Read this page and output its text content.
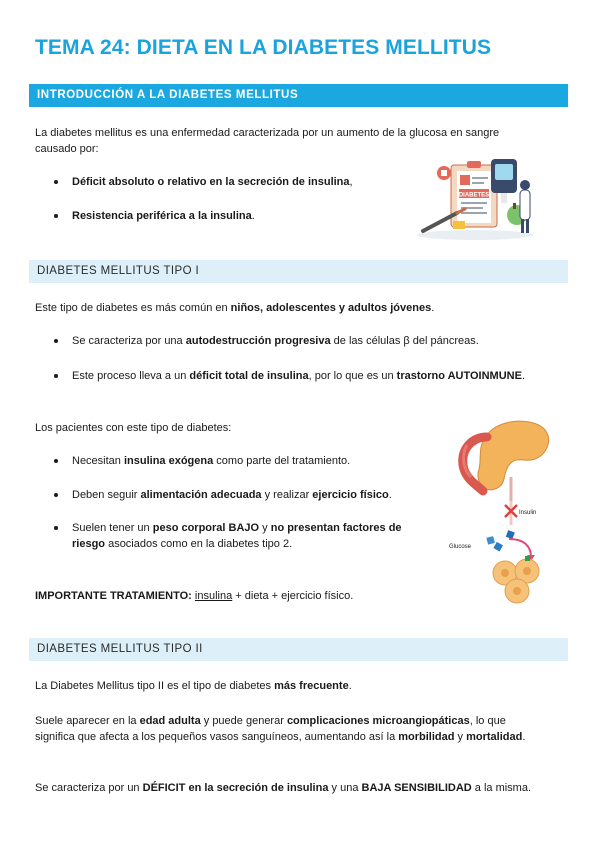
TEMA 24: DIETA EN LA DIABETES MELLITUS
INTRODUCCIÓN A LA DIABETES MELLITUS
La diabetes mellitus es una enfermedad caracterizada por un aumento de la glucosa en sangre
causado por:
Déficit absoluto o relativo en la secreción de insulina,
Resistencia periférica a la insulina.
DIABETES
DIABETES MELLITUS TIPO I
Este tipo de diabetes es más común en niños, adolescentes y adultos jóvenes.
Se caracteriza por una autodestrucción progresiva de las células β del páncreas.
Este proceso lleva a un déficit total de insulina, por lo que es un trastorno AUTOINMUNE.
Los pacientes con este tipo de diabetes:
Necesitan insulina exógena como parte del tratamiento.
Deben seguir alimentación adecuada y realizar ejercicio físico.
Suelen tener un peso corporal BAJO y no presentan factores de
riesgo asociados como en la diabetes tipo 2.
IMPORTANTE TRATAMIENTO: insulina + dieta + ejercicio físico.
Insulin
Glucose
DIABETES MELLITUS TIPO II
La Diabetes Mellitus tipo II es el tipo de diabetes más frecuente.
Suele aparecer en la edad adulta y puede generar complicaciones microangiopáticas, lo que
significa que afecta a los pequeños vasos sanguíneos, aumentando así la morbilidad y mortalidad.
Se caracteriza por un DÉFICIT en la secreción de insulina y una BAJA SENSIBILIDAD a la misma.
